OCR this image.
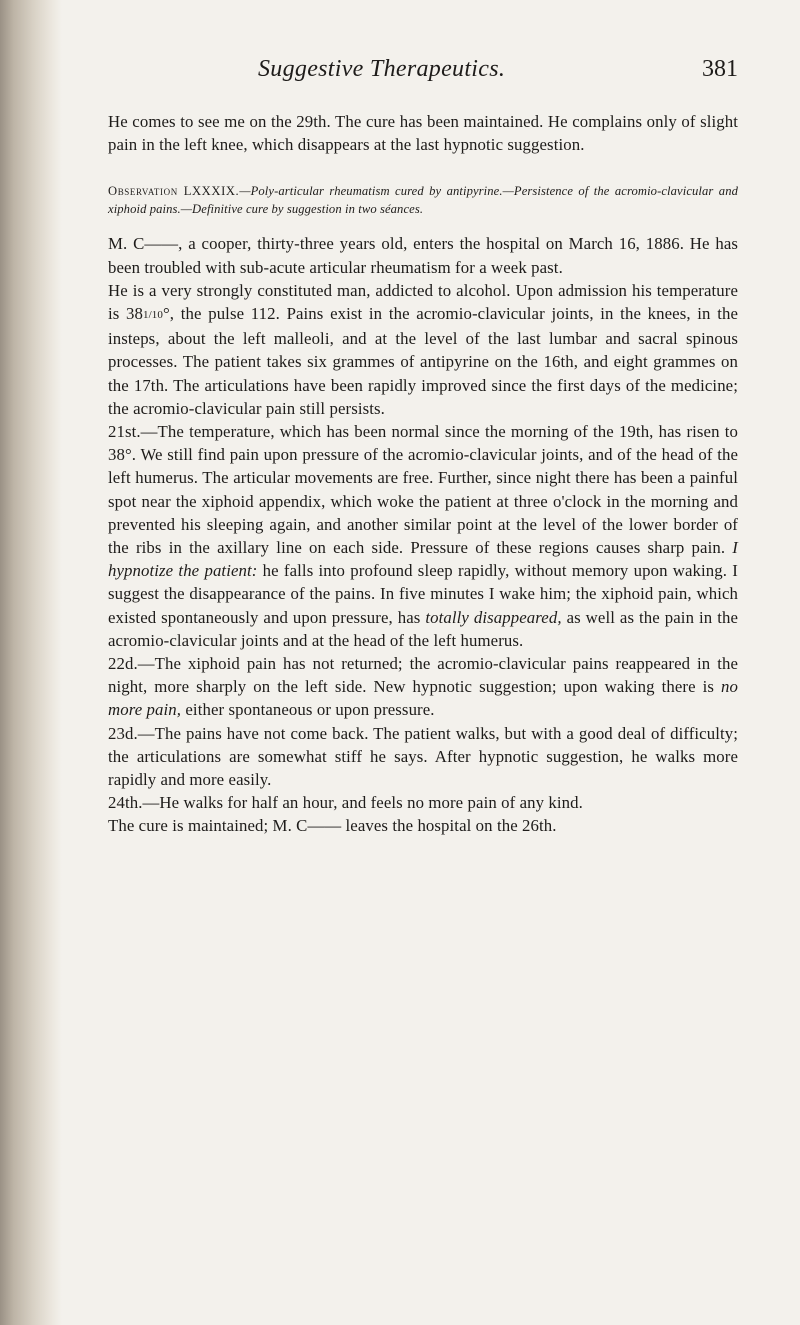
Suggestive Therapeutics.	381

He comes to see me on the 29th. The cure has been maintained. He complains only of slight pain in the left knee, which disappears at the last hypnotic suggestion.

Observation LXXXIX.—Poly-articular rheumatism cured by antipyrine.—Persistence of the acromio-clavicular and xiphoid pains.—Definitive cure by suggestion in two séances.

M. C——, a cooper, thirty-three years old, enters the hospital on March 16, 1886. He has been troubled with sub-acute articular rheumatism for a week past.

He is a very strongly constituted man, addicted to alcohol. Upon admission his temperature is 381/10°, the pulse 112. Pains exist in the acromio-clavicular joints, in the knees, in the insteps, about the left malleoli, and at the level of the last lumbar and sacral spinous processes. The patient takes six grammes of antipyrine on the 16th, and eight grammes on the 17th. The articulations have been rapidly improved since the first days of the medicine; the acromio-clavicular pain still persists.

21st.—The temperature, which has been normal since the morning of the 19th, has risen to 38°. We still find pain upon pressure of the acromio-clavicular joints, and of the head of the left humerus. The articular movements are free. Further, since night there has been a painful spot near the xiphoid appendix, which woke the patient at three o'clock in the morning and prevented his sleeping again, and another similar point at the level of the lower border of the ribs in the axillary line on each side. Pressure of these regions causes sharp pain. I hypnotize the patient: he falls into profound sleep rapidly, without memory upon waking. I suggest the disappearance of the pains. In five minutes I wake him; the xiphoid pain, which existed spontaneously and upon pressure, has totally disappeared, as well as the pain in the acromio-clavicular joints and at the head of the left humerus.

22d.—The xiphoid pain has not returned; the acromio-clavicular pains reappeared in the night, more sharply on the left side. New hypnotic suggestion; upon waking there is no more pain, either spontaneous or upon pressure.

23d.—The pains have not come back. The patient walks, but with a good deal of difficulty; the articulations are somewhat stiff he says. After hypnotic suggestion, he walks more rapidly and more easily.

24th.—He walks for half an hour, and feels no more pain of any kind.

The cure is maintained; M. C—— leaves the hospital on the 26th.
